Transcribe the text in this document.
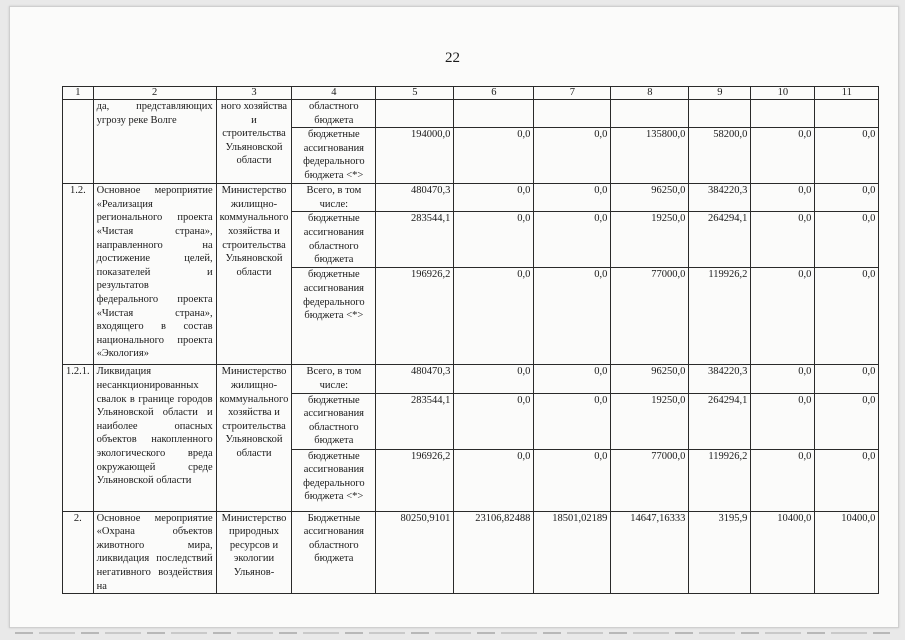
22
1	2	3	4	5	6	7	8	9	10	11
	да, представляющих угрозу реке Волге	ного хозяйства и строительства Ульяновской области	областного бюджета							
			бюджетные ассигнования федерального бюджета <*>	194000,0	0,0	0,0	135800,0	58200,0	0,0	0,0
1.2.	Основное мероприятие «Реализация регионального проекта «Чистая страна», направленного на достижение целей, показателей и результатов федерального проекта «Чистая страна», входящего в состав национального проекта «Экология»	Министерство жилищно-коммунального хозяйства и строительства Ульяновской области	Всего, в том числе:	480470,3	0,0	0,0	96250,0	384220,3	0,0	0,0
			бюджетные ассигнования областного бюджета	283544,1	0,0	0,0	19250,0	264294,1	0,0	0,0
			бюджетные ассигнования федерального бюджета <*>	196926,2	0,0	0,0	77000,0	119926,2	0,0	0,0
1.2.1.	Ликвидация несанкционированных свалок в границе городов Ульяновской области и наиболее опасных объектов накопленного экологического вреда окружающей среде Ульяновской области	Министерство жилищно-коммунального хозяйства и строительства Ульяновской области	Всего, в том числе:	480470,3	0,0	0,0	96250,0	384220,3	0,0	0,0
			бюджетные ассигнования областного бюджета	283544,1	0,0	0,0	19250,0	264294,1	0,0	0,0
			бюджетные ассигнования федерального бюджета <*>	196926,2	0,0	0,0	77000,0	119926,2	0,0	0,0
2.	Основное мероприятие «Охрана объектов животного мира, ликвидация последствий негативного воздействия на	Министерство природных ресурсов и экологии Ульянов-	Бюджетные ассигнования областного бюджета	80250,9101	23106,82488	18501,02189	14647,16333	3195,9	10400,0	10400,0
